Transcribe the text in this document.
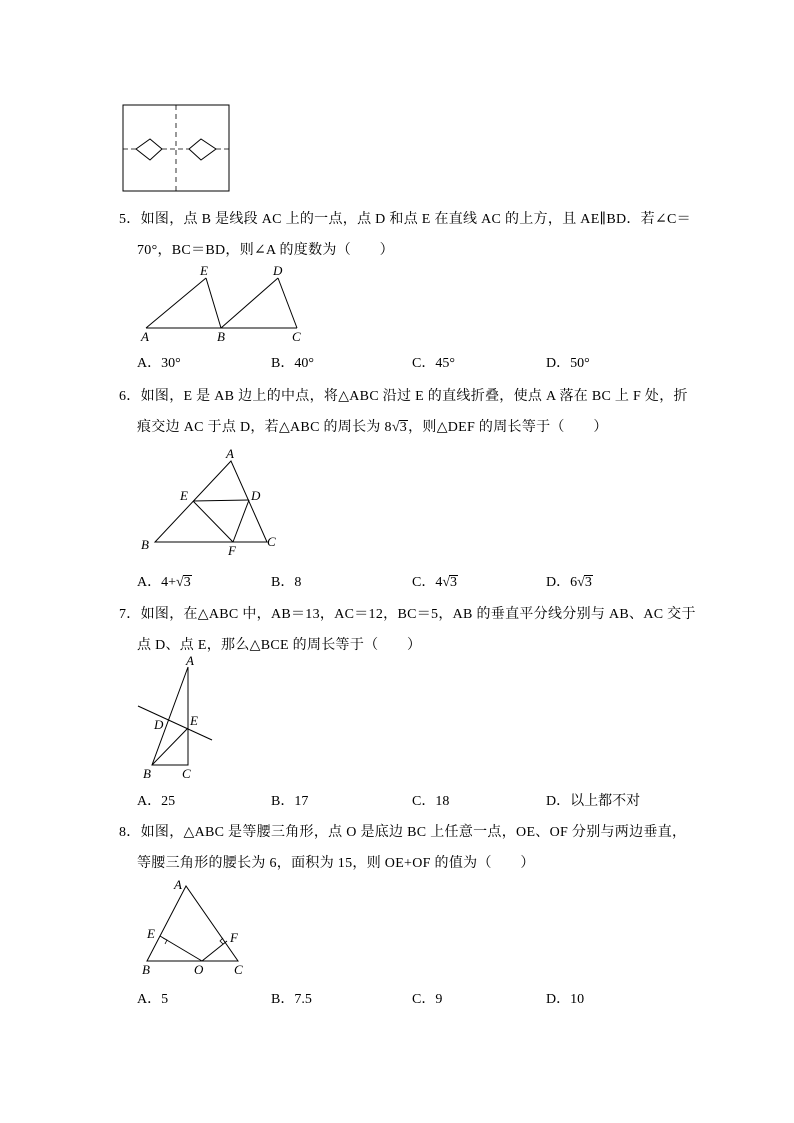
5．如图，点 B 是线段 AC 上的一点，点 D 和点 E 在直线 AC 的上方，且 AE∥BD．若∠C＝
70°，BC＝BD，则∠A 的度数为（　　）
E	D
A	B	C
A．30°	B．40°	C．45°	D．50°
6．如图，E 是 AB 边上的中点，将△ABC 沿过 E 的直线折叠，使点 A 落在 BC 上 F 处，折
痕交边 AC 于点 D，若△ABC 的周长为 8√3，则△DEF 的周长等于（　　）
A
E	D
B	F
C
A．4+√3	B．8	C．4√3	D．6√3
7．如图，在△ABC 中，AB＝13，AC＝12，BC＝5，AB 的垂直平分线分别与 AB、AC 交于
点 D、点 E，那么△BCE 的周长等于（　　）
A
D E
B C
A．25	B．17	C．18	D．以上都不对
8．如图，△ABC 是等腰三角形，点 O 是底边 BC 上任意一点，OE、OF 分别与两边垂直，
等腰三角形的腰长为 6，面积为 15，则 OE+OF 的值为（　　）
A
E	F
B	O C
A．5	B．7.5	C．9	D．10
